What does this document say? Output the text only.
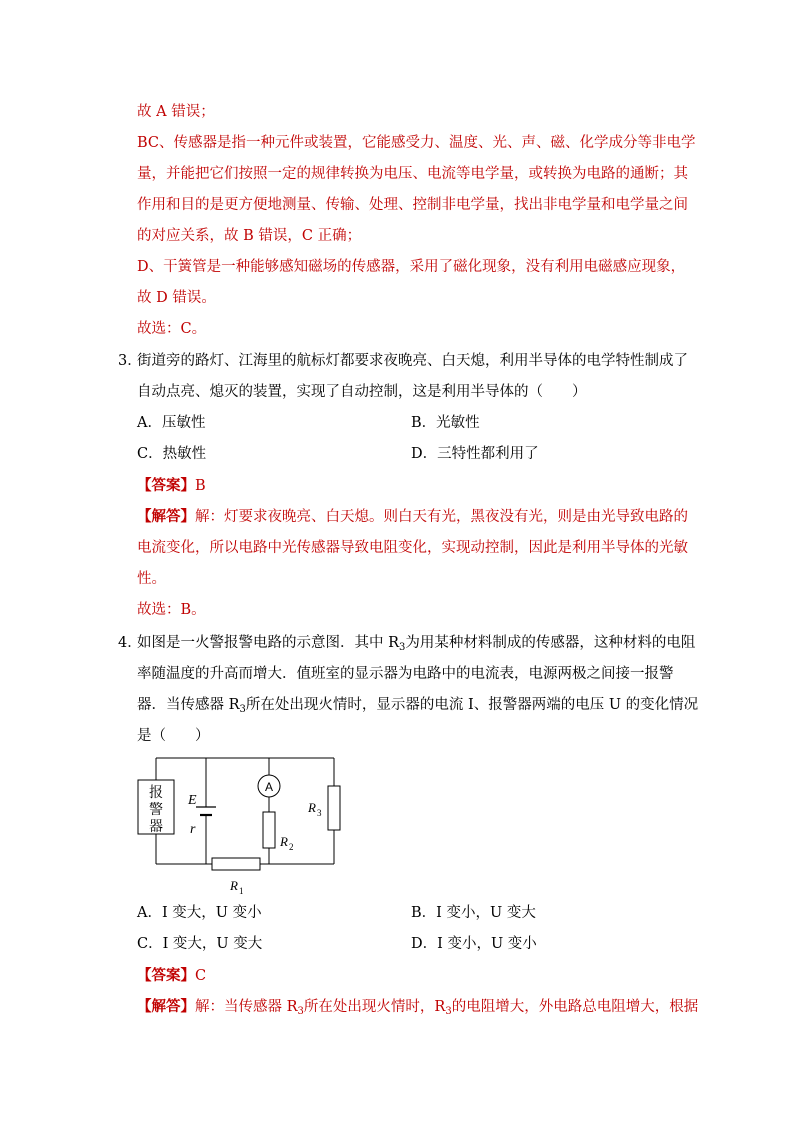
故 A 错误；
BC、传感器是指一种元件或装置，它能感受力、温度、光、声、磁、化学成分等非电学
量，并能把它们按照一定的规律转换为电压、电流等电学量，或转换为电路的通断；其
作用和目的是更方便地测量、传输、处理、控制非电学量，找出非电学量和电学量之间
的对应关系，故 B 错误，C 正确；
D、干簧管是一种能够感知磁场的传感器，采用了磁化现象，没有利用电磁感应现象，
故 D 错误。
故选：C。
3．
街道旁的路灯、江海里的航标灯都要求夜晚亮、白天熄，利用半导体的电学特性制成了
自动点亮、熄灭的装置，实现了自动控制，这是利用半导体的（　　）
A．压敏性	B．光敏性
C．热敏性	D．三特性都利用了
【答案】B
【解答】解：灯要求夜晚亮、白天熄。则白天有光，黑夜没有光，则是由光导致电路的
电流变化，所以电路中光传感器导致电阻变化，实现动控制，因此是利用半导体的光敏
性。
故选：B。
4．
如图是一火警报警电路的示意图．其中 $R_3$为用某种材料制成的传感器，这种材料的电阻
率随温度的升高而增大．值班室的显示器为电路中的电流表，电源两极之间接一报警
器．当传感器 $R_3$所在处出现火情时，显示器的电流 I、报警器两端的电压 U 的变化情况
是（　　）
报
警
器
E
r
A
R 2
R 3
R 1
A．I 变大，U 变小	B．I 变小，U 变大
C．I 变大，U 变大	D．I 变小，U 变小
【答案】C
【解答】解：当传感器 $R_3$所在处出现火情时，$R_3$的电阻增大，外电路总电阻增大，根据
